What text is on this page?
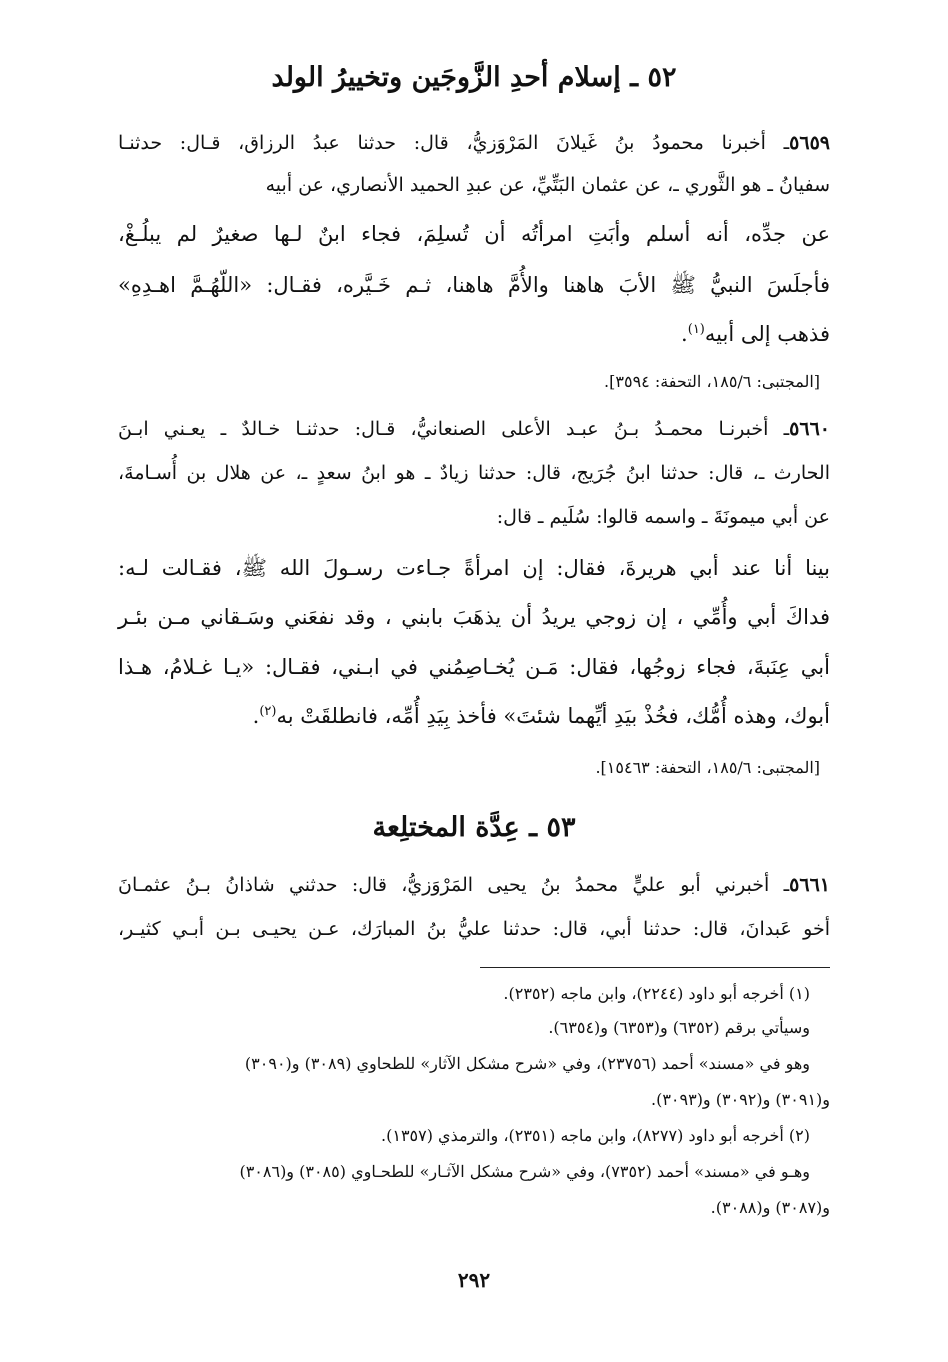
٥٢ ـ إسلام أحدِ الزَّوجَين وتخييرُ الولد
٥٦٥٩ـ أخبرنا محمودُ بنُ غَيلانَ المَرْوَزيُّ، قال: حدثنا عبدُ الرزاق، قـال: حدثنـا
سفيانُ ـ هو الثَّوري ـ، عن عثمان البَتِّيِّ، عن عبدِ الحميد الأنصاري، عن أبيه
عن جدِّه، أنه أسلم وأبَتِ امرأتُه أن تُسلِمَ، فجاء ابنٌ لـها صغيرٌ لم يبلُـغْ،
فأجلَسَ النبيُّ ﷺ الأبَ هاهنا والأُمَّ هاهنا، ثـم خَـيَّره، فقـال: «اللّهُـمَّ اهـدِهِ»
فذهب إلى أبيه$^{(١)}$.
[المجتبى: ١٨٥/٦، التحفة: ٣٥٩٤].
٥٦٦٠ـ أخبرنـا محمـدُ بـنُ عبـد الأعلى الصنعانيُّ، قـال: حدثنـا خـالدٌ ـ يعـني ابـنَ
الحارث ـ، قال: حدثنا ابنُ جُرَيج، قال: حدثنا زيادٌ ـ هو ابنُ سعدٍ ـ، عن هلال بن أُسـامةَ،
عن أبي ميمونَةَ ـ واسمه قالوا: سُلَيم ـ قال:
بينا أنا عند أبي هريرةَ، فقال: إن امرأةً جـاءت رسـولَ الله ﷺ، فقـالت لـه:
فداكَ أبي وأُمِّي ، إن زوجي يريدُ أن يذهَبَ بابني ، وقد نفعَني وسَـقاني مـن بئـر
أبي عِنَبةَ، فجاء زوجُها، فقال: مَـن يُخـاصِمُني في ابـني، فقـال: «يـا غـلامُ، هـذا
أبوك، وهذه أُمُّك، فخُذْ بيَدِ أيِّهما شئتَ» فأخذ بِيَدِ أُمِّه، فانطلقَتْ به$^{(٢)}$.
[المجتبى: ١٨٥/٦، التحفة: ١٥٤٦٣].
٥٣ ـ عِدَّة المختلِعة
٥٦٦١ـ أخبرني أبو عليٍّ محمدُ بنُ يحيى المَرْوَزيُّ، قال: حدثني شاذانُ بـنُ عثمـانَ
أخو عَبدانَ، قال: حدثنا أبي، قال: حدثنا عليُّ بنُ المبارَك، عـن يحيـى بـن أبـي كثيـر،
(١) أخرجه أبو داود (٢٢٤٤)، وابن ماجه (٢٣٥٢).
وسيأتي برقم (٦٣٥٢) و(٦٣٥٣) و(٦٣٥٤).
وهو في «مسند» أحمد (٢٣٧٥٦)، وفي «شرح مشكل الآثار» للطحاوي (٣٠٨٩) و(٣٠٩٠)
و(٣٠٩١) و(٣٠٩٢) و(٣٠٩٣).
(٢) أخرجه أبو داود (٨٢٧٧)، وابن ماجه (٢٣٥١)، والترمذي (١٣٥٧).
وهـو في «مسند» أحمد (٧٣٥٢)، وفي «شرح مشكل الآثـار» للطحـاوي (٣٠٨٥) و(٣٠٨٦)
و(٣٠٨٧) و(٣٠٨٨).
٢٩٢
